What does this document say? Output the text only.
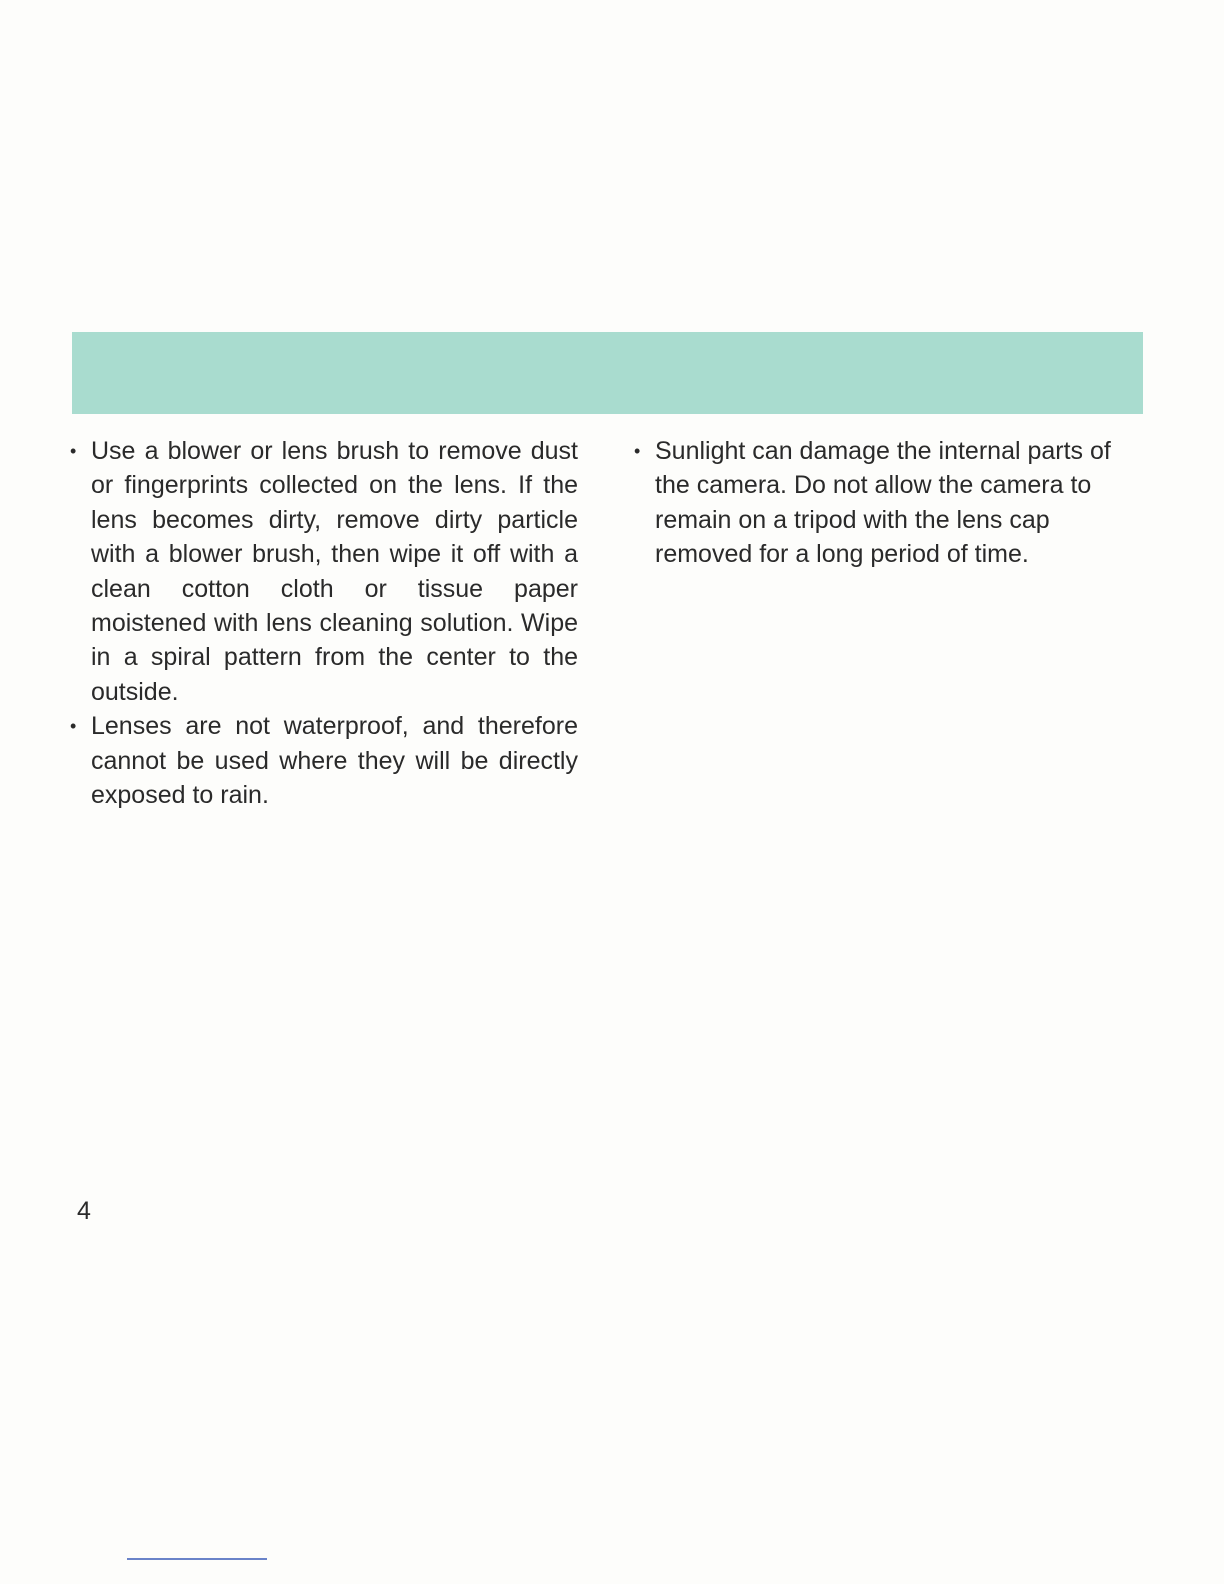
• Use a blower or lens brush to remove dust or fingerprints collected on the lens. If the lens becomes dirty, remove dirty particle with a blower brush, then wipe it off with a clean cotton cloth or tissue paper moistened with lens cleaning solution. Wipe in a spiral pattern from the center to the outside.
• Lenses are not waterproof, and therefore cannot be used where they will be directly exposed to rain.
• Sunlight can damage the internal parts of the camera. Do not allow the camera to remain on a tripod with the lens cap removed for a long period of time.
4
